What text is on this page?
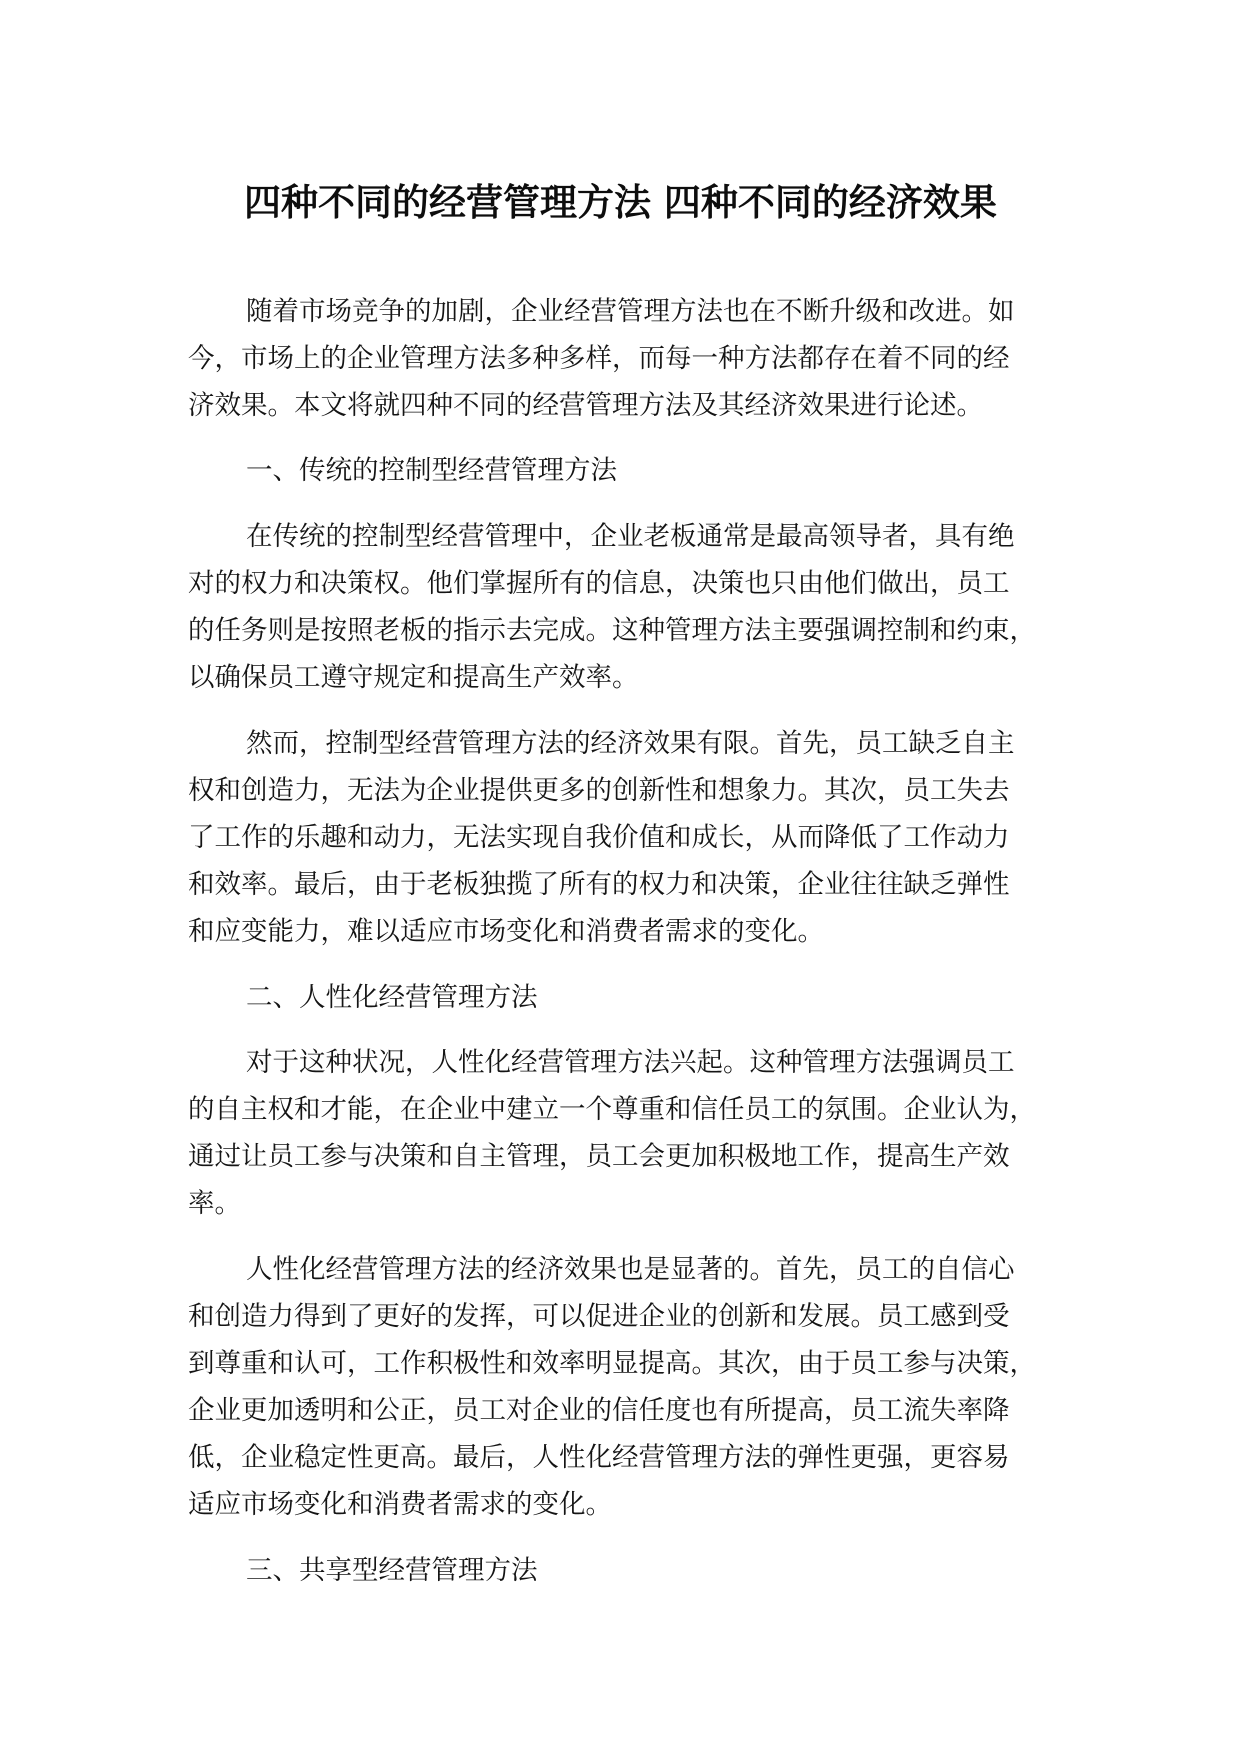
四种不同的经营管理方法 四种不同的经济效果
随着市场竞争的加剧，企业经营管理方法也在不断升级和改进。如
今，市场上的企业管理方法多种多样，而每一种方法都存在着不同的经
济效果。本文将就四种不同的经营管理方法及其经济效果进行论述。
一、传统的控制型经营管理方法
在传统的控制型经营管理中，企业老板通常是最高领导者，具有绝
对的权力和决策权。他们掌握所有的信息，决策也只由他们做出，员工
的任务则是按照老板的指示去完成。这种管理方法主要强调控制和约束，
以确保员工遵守规定和提高生产效率。
然而，控制型经营管理方法的经济效果有限。首先，员工缺乏自主
权和创造力，无法为企业提供更多的创新性和想象力。其次，员工失去
了工作的乐趣和动力，无法实现自我价值和成长，从而降低了工作动力
和效率。最后，由于老板独揽了所有的权力和决策，企业往往缺乏弹性
和应变能力，难以适应市场变化和消费者需求的变化。
二、人性化经营管理方法
对于这种状况，人性化经营管理方法兴起。这种管理方法强调员工
的自主权和才能，在企业中建立一个尊重和信任员工的氛围。企业认为，
通过让员工参与决策和自主管理，员工会更加积极地工作，提高生产效
率。
人性化经营管理方法的经济效果也是显著的。首先，员工的自信心
和创造力得到了更好的发挥，可以促进企业的创新和发展。员工感到受
到尊重和认可，工作积极性和效率明显提高。其次，由于员工参与决策，
企业更加透明和公正，员工对企业的信任度也有所提高，员工流失率降
低，企业稳定性更高。最后，人性化经营管理方法的弹性更强，更容易
适应市场变化和消费者需求的变化。
三、共享型经营管理方法
